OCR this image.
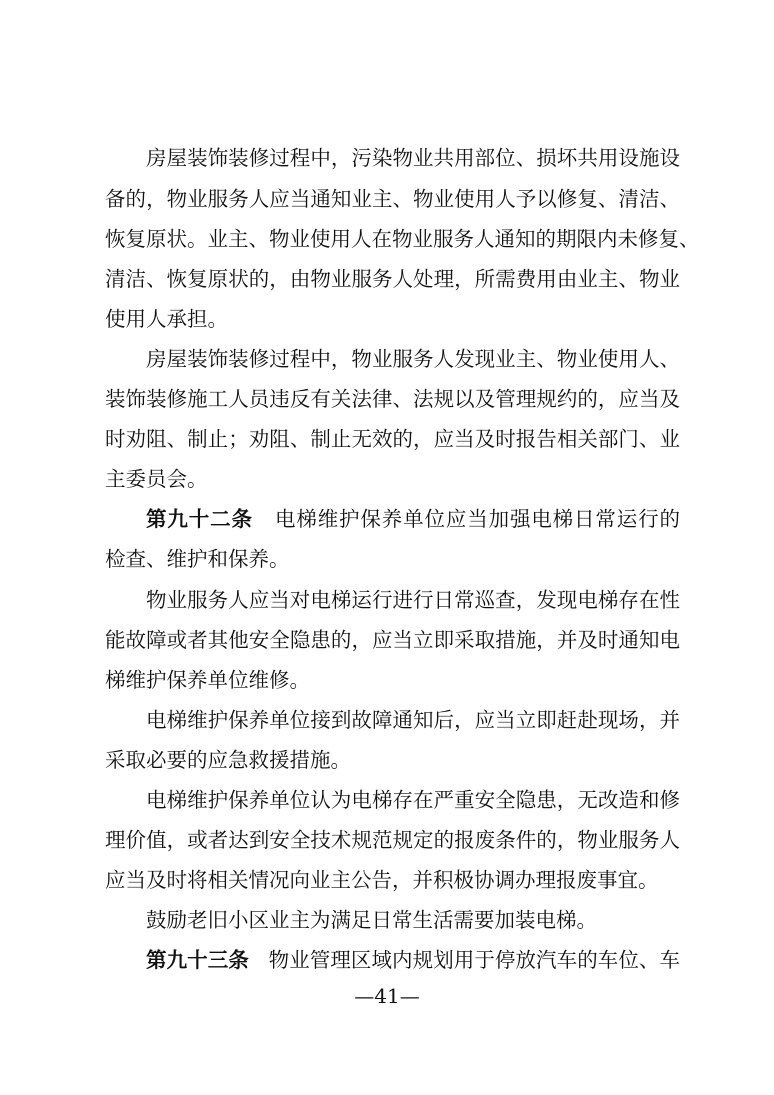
房屋装饰装修过程中，污染物业共用部位、损坏共用设施设
备的，物业服务人应当通知业主、物业使用人予以修复、清洁、
恢复原状。业主、物业使用人在物业服务人通知的期限内未修复、
清洁、恢复原状的，由物业服务人处理，所需费用由业主、物业
使用人承担。
房屋装饰装修过程中，物业服务人发现业主、物业使用人、
装饰装修施工人员违反有关法律、法规以及管理规约的，应当及
时劝阻、制止；劝阻、制止无效的，应当及时报告相关部门、业
主委员会。
第九十二条 电梯维护保养单位应当加强电梯日常运行的
检查、维护和保养。
物业服务人应当对电梯运行进行日常巡查，发现电梯存在性
能故障或者其他安全隐患的，应当立即采取措施，并及时通知电
梯维护保养单位维修。
电梯维护保养单位接到故障通知后，应当立即赶赴现场，并
采取必要的应急救援措施。
电梯维护保养单位认为电梯存在严重安全隐患，无改造和修
理价值，或者达到安全技术规范规定的报废条件的，物业服务人
应当及时将相关情况向业主公告，并积极协调办理报废事宜。
鼓励老旧小区业主为满足日常生活需要加装电梯。
第九十三条 物业管理区域内规划用于停放汽车的车位、车
—41—
